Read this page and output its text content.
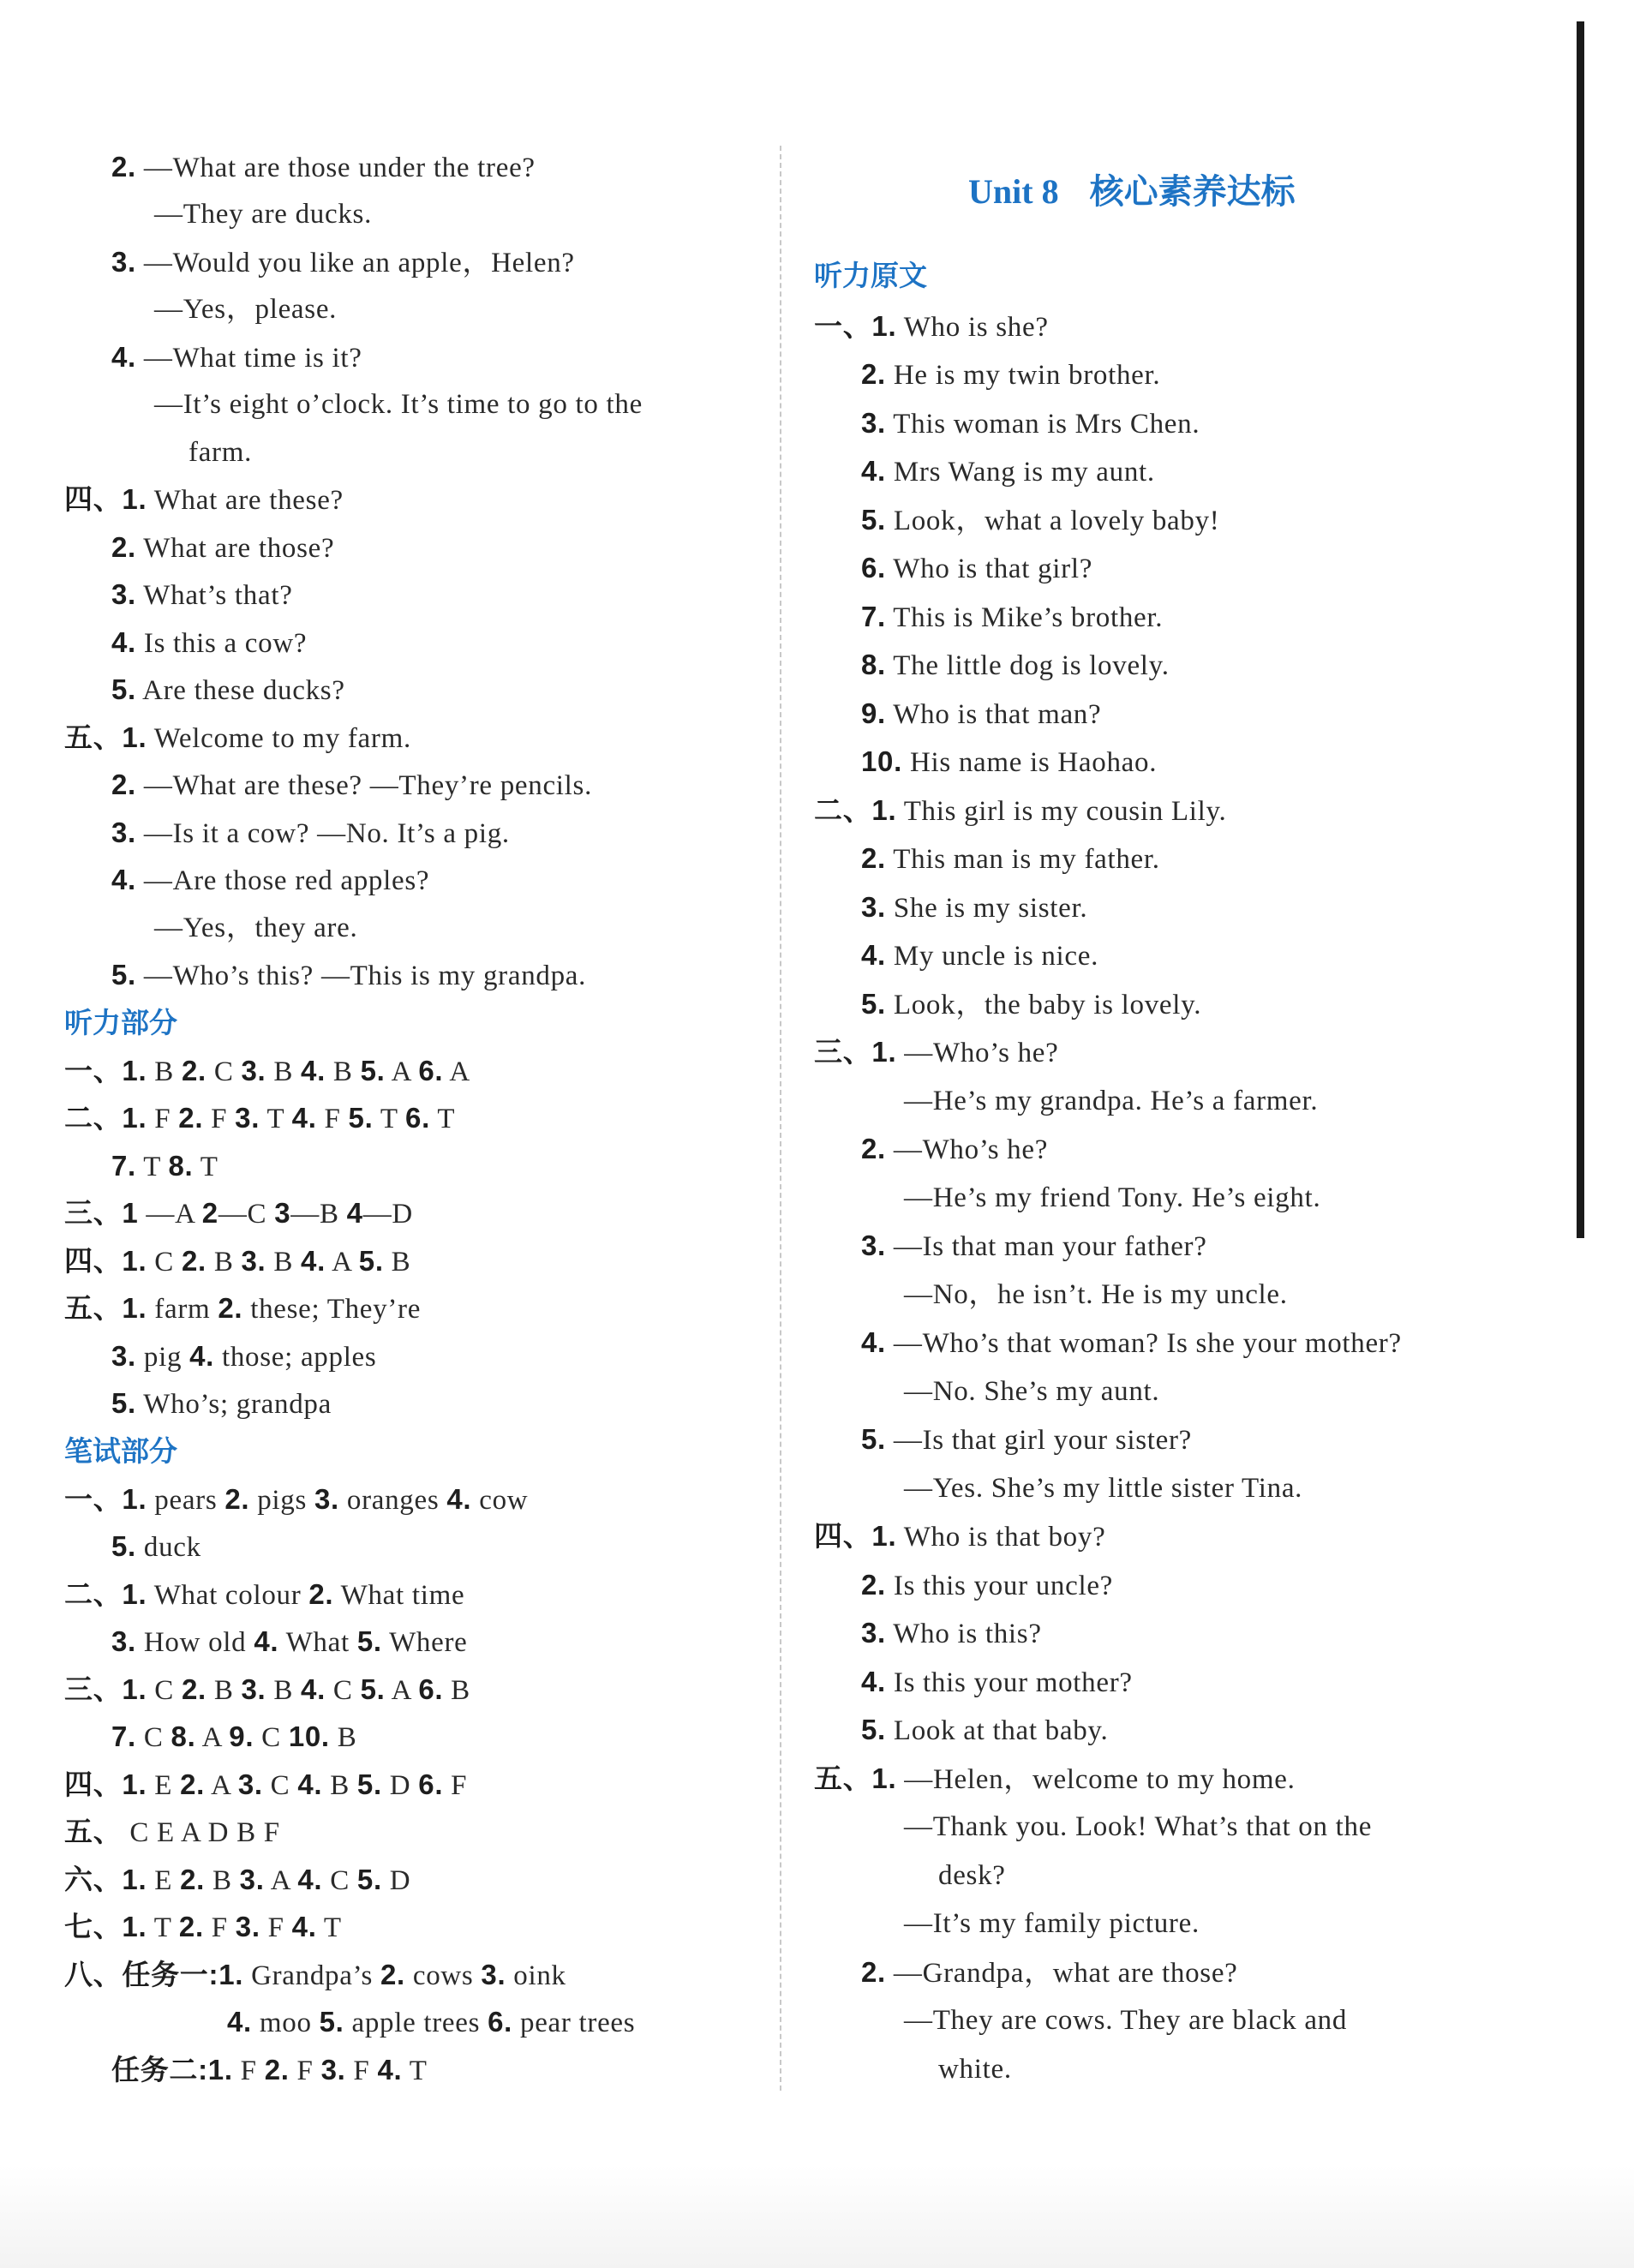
2. —What are those under the tree?
—They are ducks.
3. —Would you like an apple，Helen?
—Yes，please.
4. —What time is it?
—It’s eight o’clock. It’s time to go to the
farm.
四、1. What are these?
2. What are those?
3. What’s that?
4. Is this a cow?
5. Are these ducks?
五、1. Welcome to my farm.
2. —What are these? —They’re pencils.
3. —Is it a cow? —No. It’s a pig.
4. —Are those red apples?
—Yes，they are.
5. —Who’s this? —This is my grandpa.
一、1. B 2. C 3. B 4. B 5. A 6. A
二、1. F 2. F 3. T 4. F 5. T 6. T
7. T 8. T
三、1 —A 2—C 3—B 4—D
四、1. C 2. B 3. B 4. A 5. B
五、1. farm 2. these; They’re
3. pig 4. those; apples
5. Who’s; grandpa
一、1. pears 2. pigs 3. oranges 4. cow
5. duck
二、1. What colour 2. What time
3. How old 4. What 5. Where
三、1. C 2. B 3. B 4. C 5. A 6. B
7. C 8. A 9. C 10. B
四、1. E 2. A 3. C 4. B 5. D 6. F
五、 C E A D B F
六、1. E 2. B 3. A 4. C 5. D
七、1. T 2. F 3. F 4. T
八、任务一:1. Grandpa’s 2. cows 3. oink
4. moo 5. apple trees 6. pear trees
任务二:1. F 2. F 3. F 4. T
听力部分
笔试部分
Unit 8 核心素养达标
听力原文
一、1. Who is she?
2. He is my twin brother.
3. This woman is Mrs Chen.
4. Mrs Wang is my aunt.
5. Look，what a lovely baby!
6. Who is that girl?
7. This is Mike’s brother.
8. The little dog is lovely.
9. Who is that man?
10. His name is Haohao.
二、1. This girl is my cousin Lily.
2. This man is my father.
3. She is my sister.
4. My uncle is nice.
5. Look，the baby is lovely.
三、1. —Who’s he?
—He’s my grandpa. He’s a farmer.
2. —Who’s he?
—He’s my friend Tony. He’s eight.
3. —Is that man your father?
—No，he isn’t. He is my uncle.
4. —Who’s that woman? Is she your mother?
—No. She’s my aunt.
5. —Is that girl your sister?
—Yes. She’s my little sister Tina.
四、1. Who is that boy?
2. Is this your uncle?
3. Who is this?
4. Is this your mother?
5. Look at that baby.
五、1. —Helen，welcome to my home.
—Thank you. Look! What’s that on the
desk?
—It’s my family picture.
2. —Grandpa，what are those?
—They are cows. They are black and
white.
